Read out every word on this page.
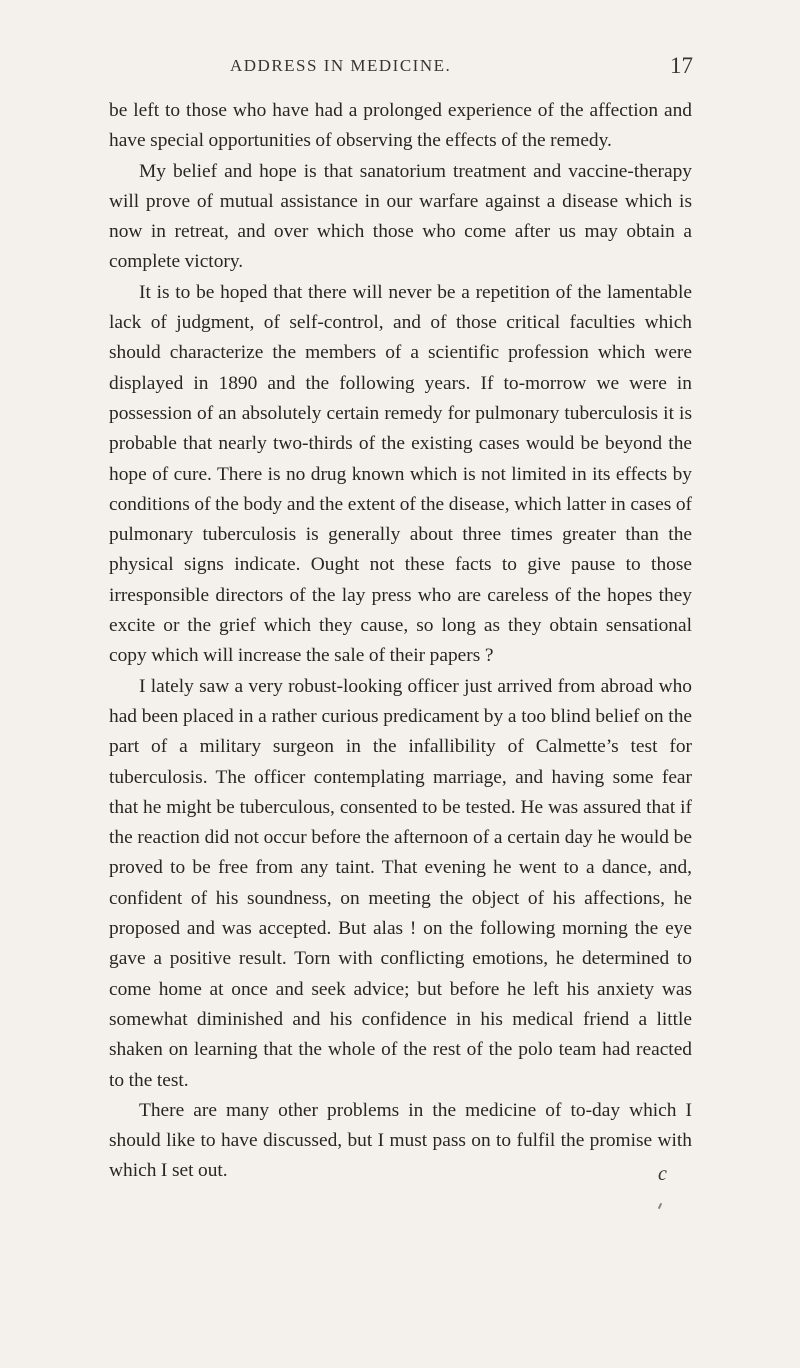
ADDRESS IN MEDICINE.	17

be left to those who have had a prolonged experience of the affection and have special opportunities of observing the effects of the remedy.

My belief and hope is that sanatorium treatment and vaccine-therapy will prove of mutual assistance in our warfare against a disease which is now in retreat, and over which those who come after us may obtain a complete victory.

It is to be hoped that there will never be a repetition of the lamentable lack of judgment, of self-control, and of those critical faculties which should characterize the members of a scientific profession which were displayed in 1890 and the following years. If to-morrow we were in possession of an absolutely certain remedy for pulmonary tuberculosis it is probable that nearly two-thirds of the existing cases would be beyond the hope of cure. There is no drug known which is not limited in its effects by conditions of the body and the extent of the disease, which latter in cases of pulmonary tuberculosis is generally about three times greater than the physical signs indicate. Ought not these facts to give pause to those irresponsible directors of the lay press who are careless of the hopes they excite or the grief which they cause, so long as they obtain sensational copy which will increase the sale of their papers ?

I lately saw a very robust-looking officer just arrived from abroad who had been placed in a rather curious predicament by a too blind belief on the part of a military surgeon in the infallibility of Calmette’s test for tuberculosis. The officer contemplating marriage, and having some fear that he might be tuberculous, consented to be tested. He was assured that if the reaction did not occur before the afternoon of a certain day he would be proved to be free from any taint. That evening he went to a dance, and, confident of his soundness, on meeting the object of his affections, he proposed and was accepted. But alas ! on the following morning the eye gave a positive result. Torn with conflicting emotions, he determined to come home at once and seek advice; but before he left his anxiety was somewhat diminished and his confidence in his medical friend a little shaken on learning that the whole of the rest of the polo team had reacted to the test.

There are many other problems in the medicine of to-day which I should like to have discussed, but I must pass on to fulfil the promise with which I set out.	c
